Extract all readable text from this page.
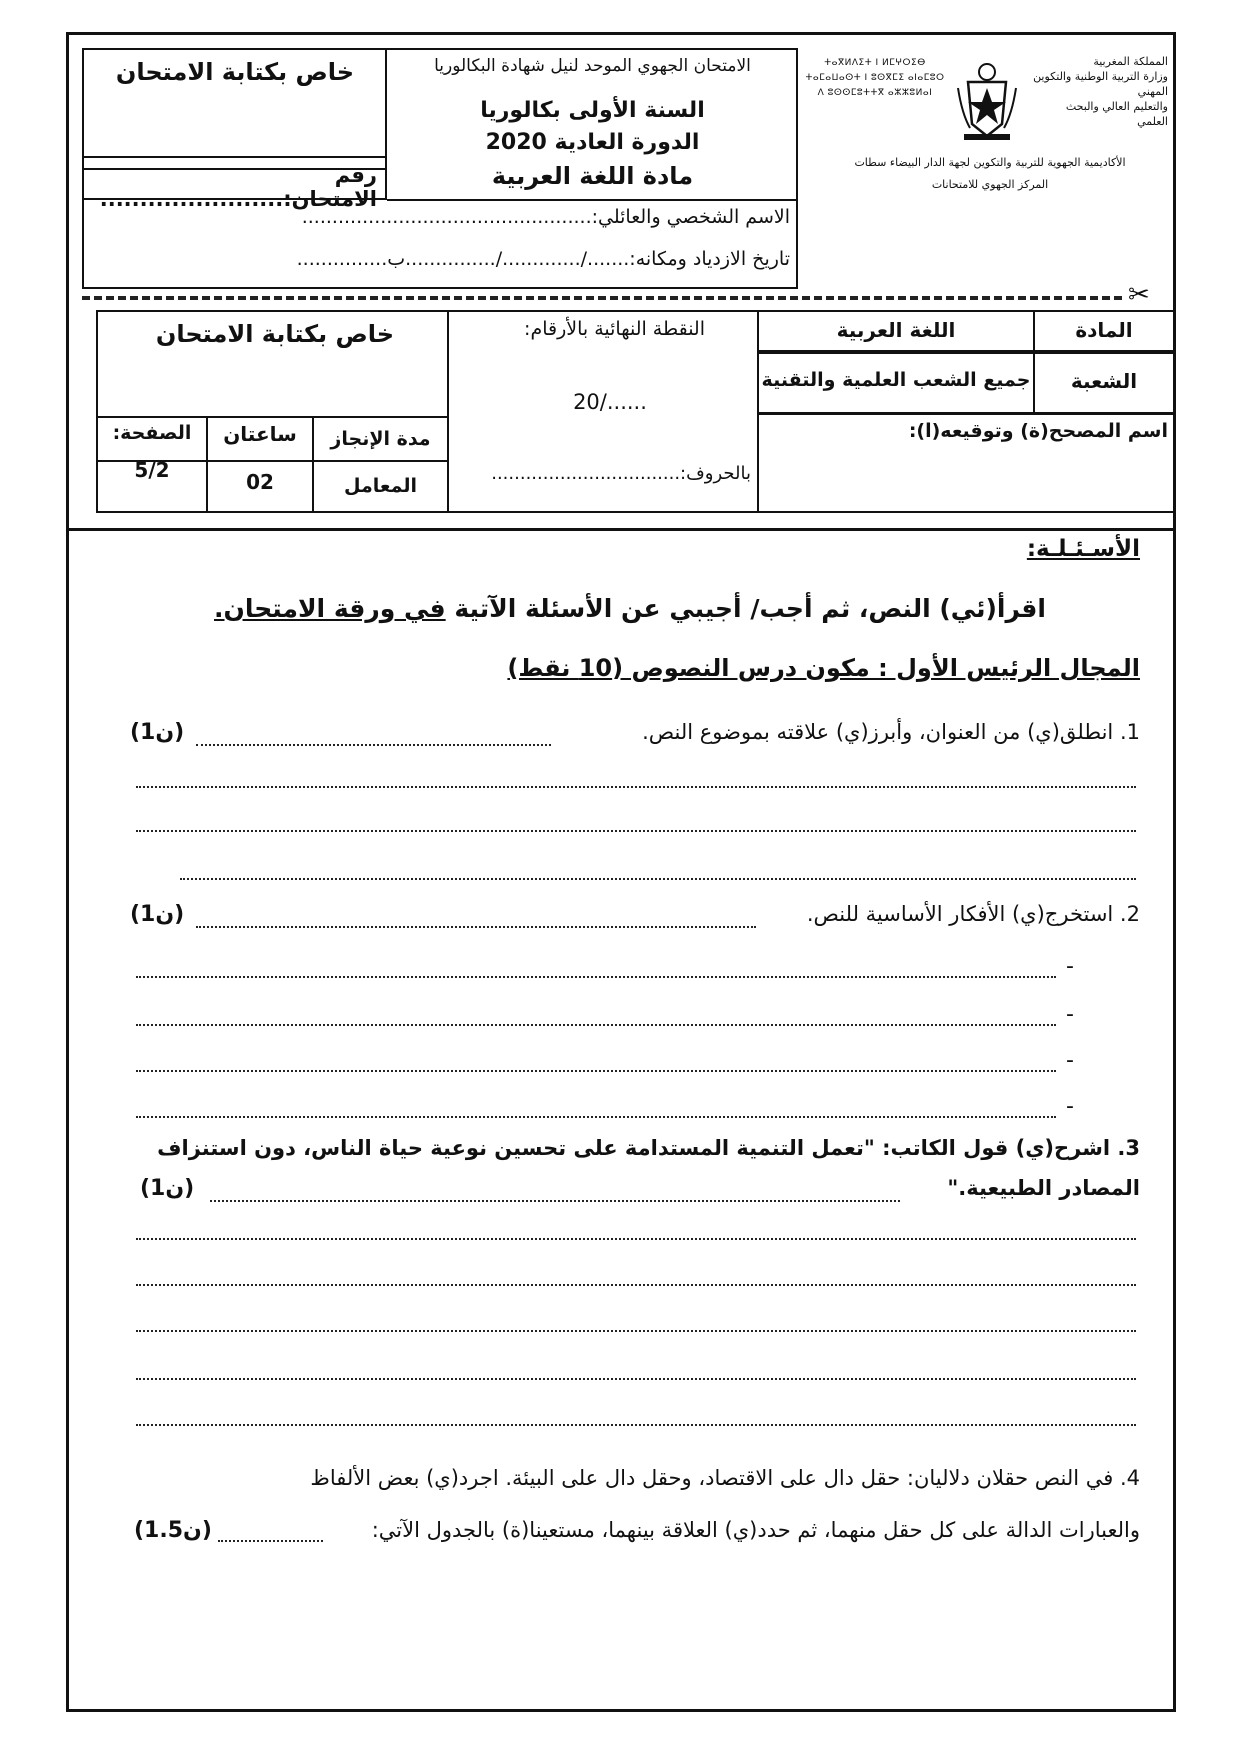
خاص بكتابة الامتحان
رقم الامتحان:.......................
الامتحان الجهوي الموحد لنيل شهادة البكالوريا
السنة الأولى بكالوريا
الدورة العادية 2020
مادة اللغة العربية
الاسم الشخصي والعائلي:................................................
تاريخ الازدياد ومكانه:......./............./...............ب...............
المملكة المغربية
وزارة التربية الوطنية والتكوين المهني
والتعليم العالي والبحث العلمي
ⵜⴰⴳⵍⴷⵉⵜ ⵏ ⵍⵎⵖⵔⵉⴱ
ⵜⴰⵎⴰⵡⴰⵙⵜ ⵏ ⵓⵙⴳⵎⵉ ⴰⵏⴰⵎⵓⵔ
ⴷ ⵓⵙⵙⵎⵓⵜⵜⴳ ⴰⵣⵣⵓⵍⴰⵏ
الأكاديمية الجهوية للتربية والتكوين لجهة الدار البيضاء سطات
المركز الجهوي للامتحانات
✂
المادة
اللغة العربية
الشعبة
جميع الشعب العلمية والتقنية
اسم المصحح(ة) وتوقيعه(ا):
النقطة النهائية بالأرقام:
20/......
بالحروف:.................................
خاص بكتابة الامتحان
مدة الإنجاز
ساعتان
الصفحة:
المعامل
02
5/2
الأسـئـلـة:
اقرأ(ئي) النص، ثم أجب/ أجيبي عن الأسئلة الآتية في ورقة الامتحان.
المجال الرئيس الأول : مكون درس النصوص (10 نقط)
1. انطلق(ي) من العنوان، وأبرز(ي) علاقته بموضوع النص.
(1ن)
2. استخرج(ي) الأفكار الأساسية للنص.
(1ن)
-
-
-
-
3. اشرح(ي) قول الكاتب: "تعمل التنمية المستدامة على تحسين نوعية حياة الناس، دون استنزاف
المصادر الطبيعية."
(1ن)
4. في النص حقلان دلاليان: حقل دال على الاقتصاد، وحقل دال على البيئة. اجرد(ي) بعض الألفاظ
والعبارات الدالة على كل حقل منهما، ثم حدد(ي) العلاقة بينهما، مستعينا(ة) بالجدول الآتي:
(1.5ن)
